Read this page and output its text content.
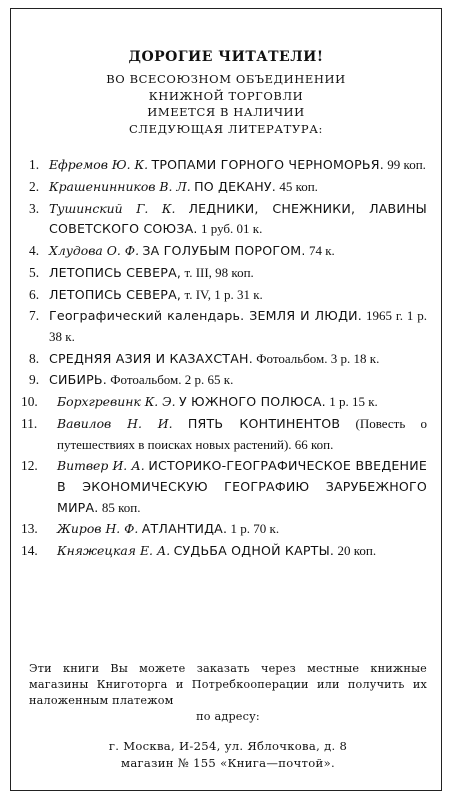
ДОРОГИЕ ЧИТАТЕЛИ!
ВО ВСЕСОЮЗНОМ ОБЪЕДИНЕНИИ
КНИЖНОЙ ТОРГОВЛИ
ИМЕЕТСЯ В НАЛИЧИИ
СЛЕДУЮЩАЯ ЛИТЕРАТУРА:
1. Ефремов Ю. К. ТРОПАМИ ГОРНОГО ЧЕРНОМОРЬЯ. 99 коп.
2. Крашенинников В. Л. ПО ДЕКАНУ. 45 коп.
3. Тушинский Г. К. ЛЕДНИКИ, СНЕЖНИКИ, ЛАВИНЫ СОВЕТСКОГО СОЮЗА. 1 руб. 01 к.
4. Хлудова О. Ф. ЗА ГОЛУБЫМ ПОРОГОМ. 74 к.
5. ЛЕТОПИСЬ СЕВЕРА, т. III, 98 коп.
6. ЛЕТОПИСЬ СЕВЕРА, т. IV, 1 р. 31 к.
7. Географический календарь. ЗЕМЛЯ И ЛЮДИ. 1965 г. 1 р. 38 к.
8. СРЕДНЯЯ АЗИЯ И КАЗАХСТАН. Фотоальбом. 3 р. 18 к.
9. СИБИРЬ. Фотоальбом. 2 р. 65 к.
10. Борхгревинк К. Э. У ЮЖНОГО ПОЛЮСА. 1 р. 15 к.
11. Вавилов Н. И. ПЯТЬ КОНТИНЕНТОВ (Повесть о путешествиях в поисках новых растений). 66 коп.
12. Витвер И. А. ИСТОРИКО-ГЕОГРАФИЧЕСКОЕ ВВЕДЕНИЕ В ЭКОНОМИЧЕСКУЮ ГЕОГРАФИЮ ЗАРУБЕЖНОГО МИРА. 85 коп.
13. Жиров Н. Ф. АТЛАНТИДА. 1 р. 70 к.
14. Княжецкая Е. А. СУДЬБА ОДНОЙ КАРТЫ. 20 коп.
Эти книги Вы можете заказать через местные книжные магазины Книготорга и Потребкооперации или получить их наложенным платежом
по адресу:
г. Москва, И-254, ул. Яблочкова, д. 8
магазин № 155 «Книга—почтой».
